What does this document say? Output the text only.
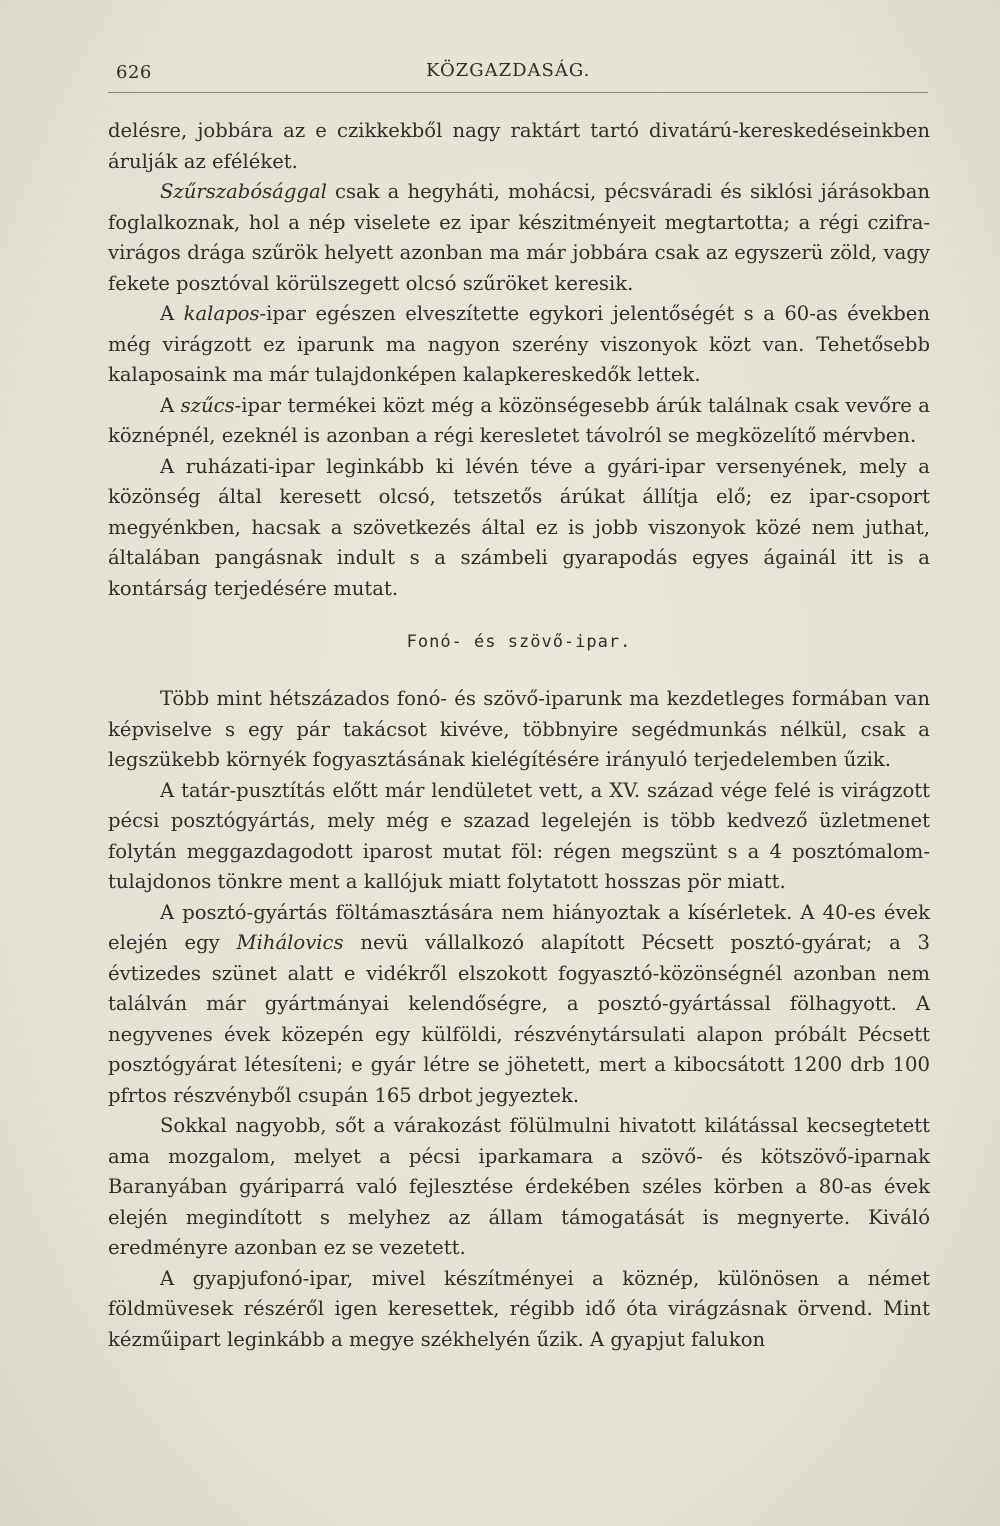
626	KÖZGAZDASÁG.

delésre, jobbára az e czikkekből nagy raktárt tartó divatárú-kereskedéseinkben árulják az eféléket.

Szűrszabósággal csak a hegyháti, mohácsi, pécsváradi és siklósi járásokban foglalkoznak, hol a nép viselete ez ipar készitményeit megtartotta; a régi czifra-virágos drága szűrök helyett azonban ma már jobbára csak az egyszerü zöld, vagy fekete posztóval körülszegett olcsó szűröket keresik.

A kalapos-ipar egészen elveszítette egykori jelentőségét s a 60-as években még virágzott ez iparunk ma nagyon szerény viszonyok közt van. Tehetősebb kalaposaink ma már tulajdonképen kalapkereskedők lettek.

A szűcs-ipar termékei közt még a közönségesebb árúk találnak csak vevőre a köznépnél, ezeknél is azonban a régi keresletet távolról se megközelítő mérvben.

A ruházati-ipar leginkább ki lévén téve a gyári-ipar versenyének, mely a közönség által keresett olcsó, tetszetős árúkat állítja elő; ez ipar-csoport megyénkben, hacsak a szövetkezés által ez is jobb viszonyok közé nem juthat, általában pangásnak indult s a számbeli gyarapodás egyes ágainál itt is a kontárság terjedésére mutat.

Fonó- és szövő-ipar.

Több mint hétszázados fonó- és szövő-iparunk ma kezdetleges formában van képviselve s egy pár takácsot kivéve, többnyire segédmunkás nélkül, csak a legszükebb környék fogyasztásának kielégítésére irányuló terjedelemben űzik.

A tatár-pusztítás előtt már lendületet vett, a XV. század vége felé is virágzott pécsi posztógyártás, mely még e szazad legelején is több kedvező üzletmenet folytán meggazdagodott iparost mutat föl: régen megszünt s a 4 posztómalom-tulajdonos tönkre ment a kallójuk miatt folytatott hosszas pör miatt.

A posztó-gyártás föltámasztására nem hiányoztak a kísérletek. A 40-es évek elején egy Mihálovics nevü vállalkozó alapított Pécsett posztó-gyárat; a 3 évtizedes szünet alatt e vidékről elszokott fogyasztó-közönségnél azonban nem találván már gyártmányai kelendőségre, a posztó-gyártással fölhagyott. A negyvenes évek közepén egy külföldi, részvénytársulati alapon próbált Pécsett posztógyárat létesíteni; e gyár létre se jöhetett, mert a kibocsátott 1200 drb 100 pfrtos részvényből csupán 165 drbot jegyeztek.

Sokkal nagyobb, sőt a várakozást fölülmulni hivatott kilátással kecsegtetett ama mozgalom, melyet a pécsi iparkamara a szövő- és kötszövő-iparnak Baranyában gyáriparrá való fejlesztése érdekében széles körben a 80-as évek elején megindított s melyhez az állam támogatását is megnyerte. Kiváló eredményre azonban ez se vezetett.

A gyapjufonó-ipar, mivel készítményei a köznép, különösen a német földmüvesek részéről igen keresettek, régibb idő óta virágzásnak örvend. Mint kézműipart leginkább a megye székhelyén űzik. A gyapjut falukon
